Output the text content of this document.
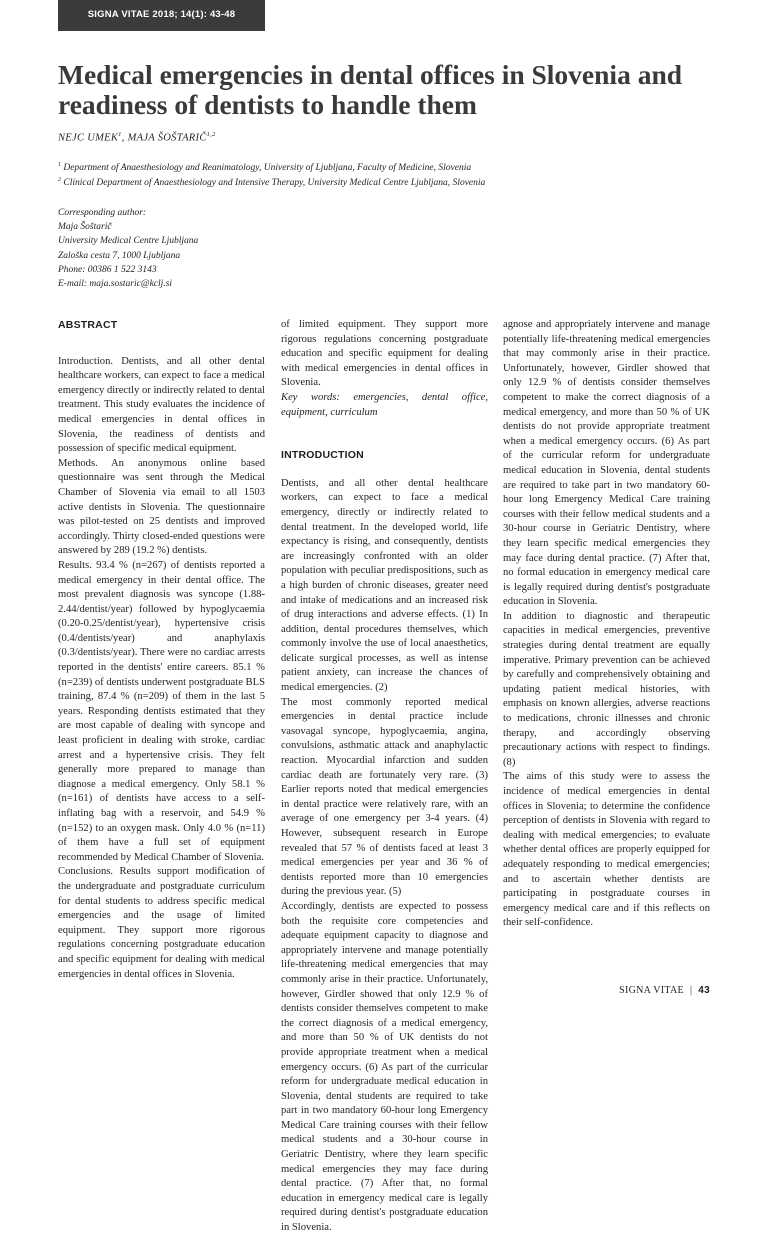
SIGNA VITAE 2018; 14(1): 43-48
Medical emergencies in dental offices in Slovenia and readiness of dentists to handle them
NEJC UMEK$^1$, MAJA ŠOŠTARIČ$^{1,2}$
$^1$ Department of Anaesthesiology and Reanimatology, University of Ljubljana, Faculty of Medicine, Slovenia
$^2$ Clinical Department of Anaesthesiology and Intensive Therapy, University Medical Centre Ljubljana, Slovenia
Corresponding author:
Maja Šoštarič
University Medical Centre Ljubljana
Zaloška cesta 7, 1000 Ljubljana
Phone: 00386 1 522 3143
E-mail: maja.sostaric@kclj.si
ABSTRACT

Introduction. Dentists, and all other dental healthcare workers, can expect to face a medical emergency directly or indirectly related to dental treatment. This study evaluates the incidence of medical emergencies in dental offices in Slovenia, the readiness of dentists and possession of specific medical equipment.

Methods. An anonymous online based questionnaire was sent through the Medical Chamber of Slovenia via email to all 1503 active dentists in Slovenia. The questionnaire was pilot-tested on 25 dentists and improved accordingly. Thirty closed-ended questions were answered by 289 (19.2 %) dentists.

Results. 93.4 % (n=267) of dentists reported a medical emergency in their dental office. The most prevalent diagnosis was syncope (1.88-2.44/dentist/year) followed by hypoglycaemia (0.20-0.25/dentist/year), hypertensive crisis (0.4/dentists/year) and anaphylaxis (0.3/dentists/year). There were no cardiac arrests reported in the dentists' entire careers. 85.1 % (n=239) of dentists underwent postgraduate BLS training, 87.4 % (n=209) of them in the last 5 years. Responding dentists estimated that they are most capable of dealing with syncope and least proficient in dealing with stroke, cardiac arrest and a hypertensive crisis. They felt generally more prepared to manage than diagnose a medical emergency. Only 58.1 % (n=161) of dentists have access to a self-inflating bag with a reservoir, and 54.9 % (n=152) to an oxygen mask. Only 4.0 % (n=11) of them have a full set of equipment recommended by Medical Chamber of Slovenia.

Conclusions. Results support modification of the undergraduate and postgraduate curriculum for dental students to address specific medical emergencies and the usage of limited equipment. They support more rigorous regulations concerning postgraduate education and specific equipment for dealing with medical emergencies in dental offices in Slovenia.

of limited equipment. They support more rigorous regulations concerning postgraduate education and specific equipment for dealing with medical emergencies in dental offices in Slovenia.

Key words: emergencies, dental office, equipment, curriculum

INTRODUCTION

Dentists, and all other dental healthcare workers, can expect to face a medical emergency, directly or indirectly related to dental treatment. In the developed world, life expectancy is rising, and consequently, dentists are increasingly confronted with an older population with peculiar predispositions, such as a high burden of chronic diseases, greater need and intake of medications and an increased risk of drug interactions and adverse effects. (1) In addition, dental procedures themselves, which commonly involve the use of local anaesthetics, delicate surgical processes, as well as intense patient anxiety, can increase the chances of medical emergencies. (2)

The most commonly reported medical emergencies in dental practice include vasovagal syncope, hypoglycaemia, angina, convulsions, asthmatic attack and anaphylactic reaction. Myocardial infarction and sudden cardiac death are fortunately very rare. (3) Earlier reports noted that medical emergencies in dental practice were relatively rare, with an average of one emergency per 3-4 years. (4) However, subsequent research in Europe revealed that 57 % of dentists faced at least 3 medical emergencies per year and 36 % of dentists reported more than 10 emergencies during the previous year. (5)

Accordingly, dentists are expected to possess both the requisite core competencies and adequate equipment capacity to diagnose and appropriately intervene and manage potentially life-threatening medical emergencies that may commonly arise in their practice. Unfortunately, however, Girdler showed that only 12.9 % of dentists consider themselves competent to make the correct diagnosis of a medical emergency, and more than 50 % of UK dentists do not provide appropriate treatment when a medical emergency occurs. (6) As part of the curricular reform for undergraduate medical education in Slovenia, dental students are required to take part in two mandatory 60-hour long Emergency Medical Care training courses with their fellow medical students and a 30-hour course in Geriatric Dentistry, where they learn specific medical emergencies they may face during dental practice. (7) After that, no formal education in emergency medical care is legally required during dentist's postgraduate education in Slovenia.

agnose and appropriately intervene and manage potentially life-threatening medical emergencies that may commonly arise in their practice. Unfortunately, however, Girdler showed that only 12.9 % of dentists consider themselves competent to make the correct diagnosis of a medical emergency, and more than 50 % of UK dentists do not provide appropriate treatment when a medical emergency occurs. (6) As part of the curricular reform for undergraduate medical education in Slovenia, dental students are required to take part in two mandatory 60-hour long Emergency Medical Care training courses with their fellow medical students and a 30-hour course in Geriatric Dentistry, where they learn specific medical emergencies they may face during dental practice. (7) After that, no formal education in emergency medical care is legally required during dentist's postgraduate education in Slovenia.

In addition to diagnostic and therapeutic capacities in medical emergencies, preventive strategies during dental treatment are equally imperative. Primary prevention can be achieved by carefully and comprehensively obtaining and updating patient medical histories, with emphasis on known allergies, adverse reactions to medications, chronic illnesses and chronic therapy, and accordingly observing precautionary actions with respect to findings. (8)

The aims of this study were to assess the incidence of medical emergencies in dental offices in Slovenia; to determine the confidence perception of dentists in Slovenia with regard to dealing with medical emergencies; to evaluate whether dental offices are properly equipped for adequately responding to medical emergencies; and to ascertain whether dentists are participating in postgraduate courses in emergency medical care and if this reflects on their self-confidence.

SIGNA VITAE | 43
